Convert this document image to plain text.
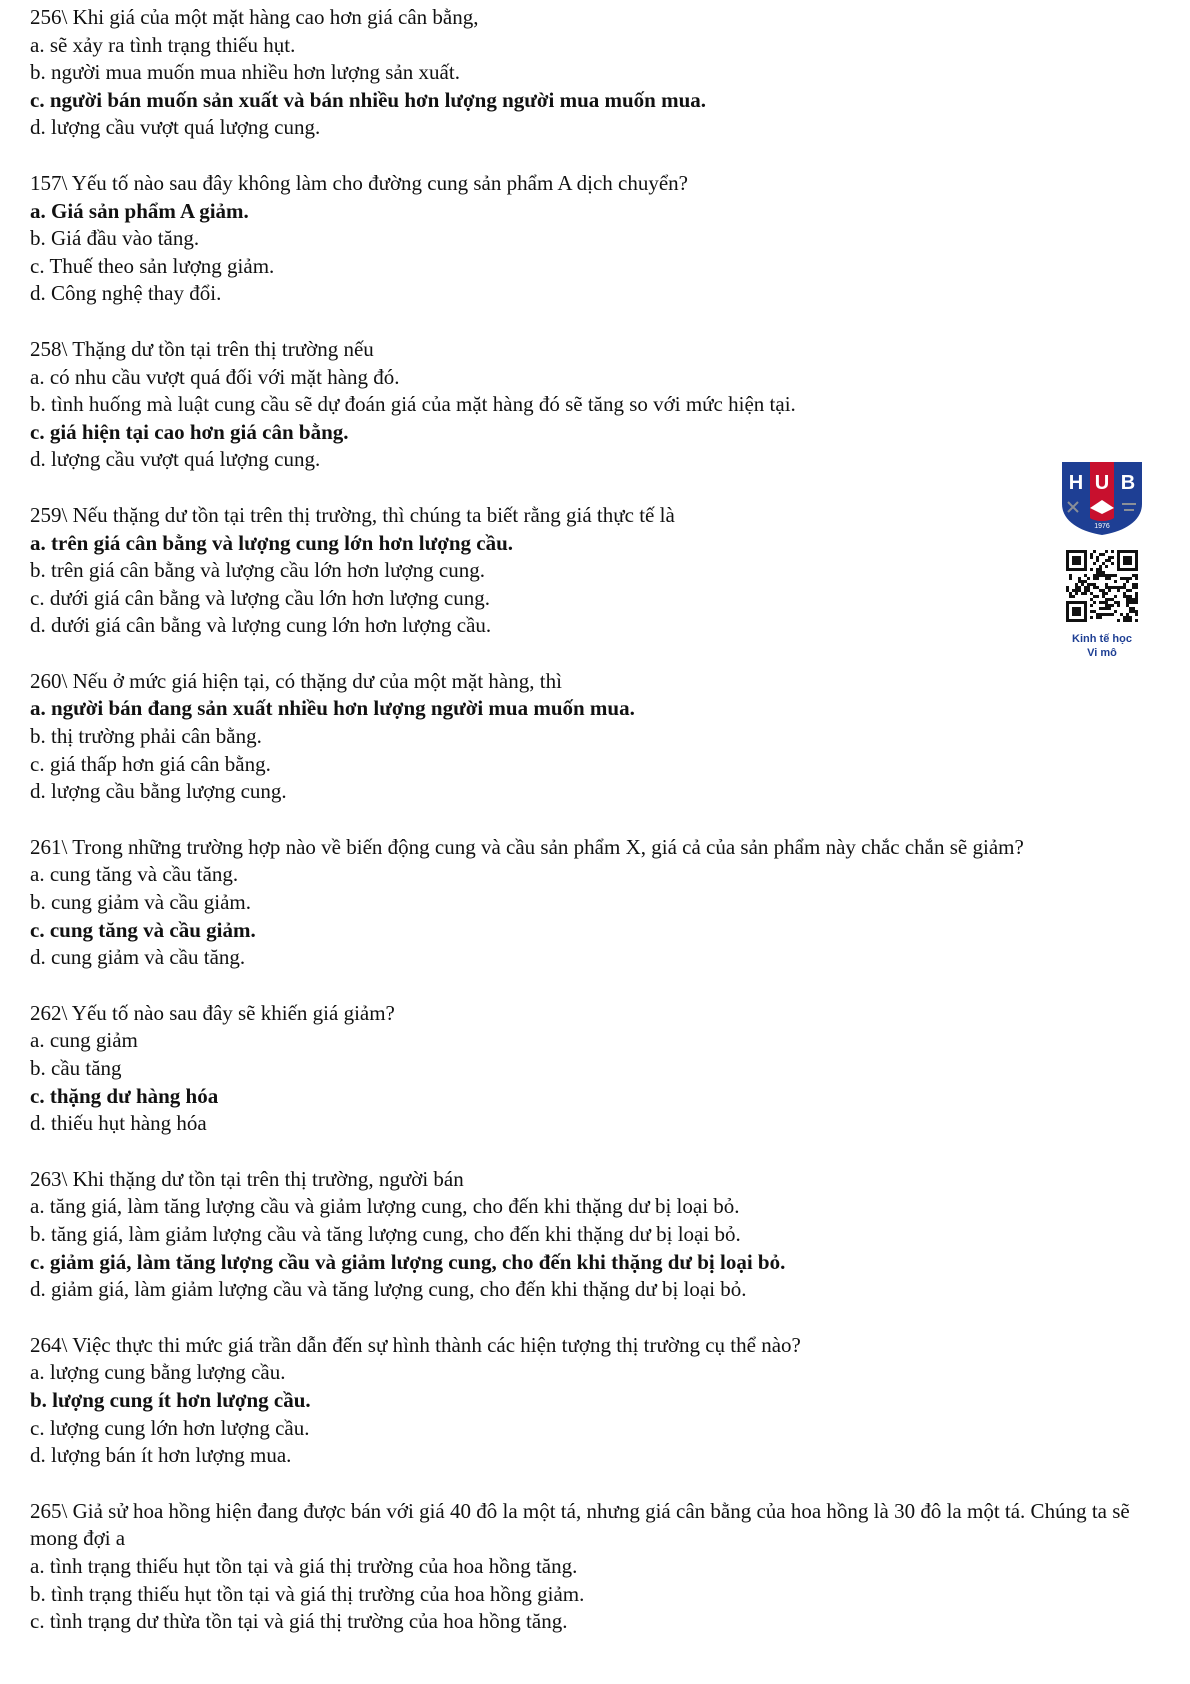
256\ Khi giá của một mặt hàng cao hơn giá cân bằng,
a. sẽ xảy ra tình trạng thiếu hụt.
b. người mua muốn mua nhiều hơn lượng sản xuất.
c. người bán muốn sản xuất và bán nhiều hơn lượng người mua muốn mua.
d. lượng cầu vượt quá lượng cung.
157\ Yếu tố nào sau đây không làm cho đường cung sản phẩm A dịch chuyển?
a. Giá sản phẩm A giảm.
b. Giá đầu vào tăng.
c. Thuế theo sản lượng giảm.
d. Công nghệ thay đổi.
258\ Thặng dư tồn tại trên thị trường nếu
a. có nhu cầu vượt quá đối với mặt hàng đó.
b. tình huống mà luật cung cầu sẽ dự đoán giá của mặt hàng đó sẽ tăng so với mức hiện tại.
c. giá hiện tại cao hơn giá cân bằng.
d. lượng cầu vượt quá lượng cung.
259\ Nếu thặng dư tồn tại trên thị trường, thì chúng ta biết rằng giá thực tế là
a. trên giá cân bằng và lượng cung lớn hơn lượng cầu.
b. trên giá cân bằng và lượng cầu lớn hơn lượng cung.
c. dưới giá cân bằng và lượng cầu lớn hơn lượng cung.
d. dưới giá cân bằng và lượng cung lớn hơn lượng cầu.
260\ Nếu ở mức giá hiện tại, có thặng dư của một mặt hàng, thì
a. người bán đang sản xuất nhiều hơn lượng người mua muốn mua.
b. thị trường phải cân bằng.
c. giá thấp hơn giá cân bằng.
d. lượng cầu bằng lượng cung.
261\ Trong những trường hợp nào về biến động cung và cầu sản phẩm X, giá cả của sản phẩm này chắc chắn sẽ giảm?
a. cung tăng và cầu tăng.
b. cung giảm và cầu giảm.
c. cung tăng và cầu giảm.
d. cung giảm và cầu tăng.
262\ Yếu tố nào sau đây sẽ khiến giá giảm?
a. cung giảm
b. cầu tăng
c. thặng dư hàng hóa
d. thiếu hụt hàng hóa
263\ Khi thặng dư tồn tại trên thị trường, người bán
a. tăng giá, làm tăng lượng cầu và giảm lượng cung, cho đến khi thặng dư bị loại bỏ.
b. tăng giá, làm giảm lượng cầu và tăng lượng cung, cho đến khi thặng dư bị loại bỏ.
c. giảm giá, làm tăng lượng cầu và giảm lượng cung, cho đến khi thặng dư bị loại bỏ.
d. giảm giá, làm giảm lượng cầu và tăng lượng cung, cho đến khi thặng dư bị loại bỏ.
264\ Việc thực thi mức giá trần dẫn đến sự hình thành các hiện tượng thị trường cụ thể nào?
a. lượng cung bằng lượng cầu.
b. lượng cung ít hơn lượng cầu.
c. lượng cung lớn hơn lượng cầu.
d. lượng bán ít hơn lượng mua.
265\ Giả sử hoa hồng hiện đang được bán với giá 40 đô la một tá, nhưng giá cân bằng của hoa hồng là 30 đô la một tá. Chúng ta sẽ mong đợi a
a. tình trạng thiếu hụt tồn tại và giá thị trường của hoa hồng tăng.
b. tình trạng thiếu hụt tồn tại và giá thị trường của hoa hồng giảm.
c. tình trạng dư thừa tồn tại và giá thị trường của hoa hồng tăng.
H U B
1976
Kinh tế học
Vi mô
